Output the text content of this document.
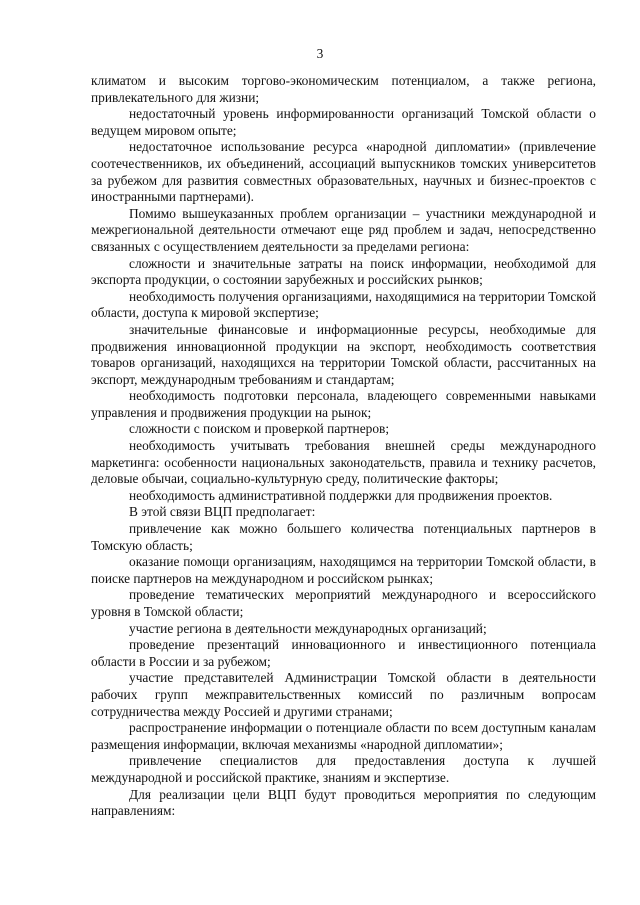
3

климатом и высоким торгово-экономическим потенциалом, а также региона, привлекательного для жизни;

недостаточный уровень информированности организаций Томской области о ведущем мировом опыте;

недостаточное использование ресурса «народной дипломатии» (привлечение соотечественников, их объединений, ассоциаций выпускников томских университетов за рубежом для развития совместных образовательных, научных и бизнес-проектов с иностранными партнерами).

Помимо вышеуказанных проблем организации – участники международной и межрегиональной деятельности отмечают еще ряд проблем и задач, непосредственно связанных с осуществлением деятельности за пределами региона:

сложности и значительные затраты на поиск информации, необходимой для экспорта продукции, о состоянии зарубежных и российских рынков;

необходимость получения организациями, находящимися на территории Томской области, доступа к мировой экспертизе;

значительные финансовые и информационные ресурсы, необходимые для продвижения инновационной продукции на экспорт, необходимость соответствия товаров организаций, находящихся на территории Томской области, рассчитанных на экспорт, международным требованиям и стандартам;

необходимость подготовки персонала, владеющего современными навыками управления и продвижения продукции на рынок;

сложности с поиском и проверкой партнеров;

необходимость учитывать требования внешней среды международного маркетинга: особенности национальных законодательств, правила и технику расчетов, деловые обычаи, социально-культурную среду, политические факторы;

необходимость административной поддержки для продвижения проектов.

В этой связи ВЦП предполагает:

привлечение как можно большего количества потенциальных партнеров в Томскую область;

оказание помощи организациям, находящимся на территории Томской области, в поиске партнеров на международном и российском рынках;

проведение тематических мероприятий международного и всероссийского уровня в Томской области;

участие региона в деятельности международных организаций;

проведение презентаций инновационного и инвестиционного потенциала области в России и за рубежом;

участие представителей Администрации Томской области в деятельности рабочих групп межправительственных комиссий по различным вопросам сотрудничества между Россией и другими странами;

распространение информации о потенциале области по всем доступным каналам размещения информации, включая механизмы «народной дипломатии»;

привлечение специалистов для предоставления доступа к лучшей международной и российской практике, знаниям и экспертизе.

Для реализации цели ВЦП будут проводиться мероприятия по следующим направлениям:
